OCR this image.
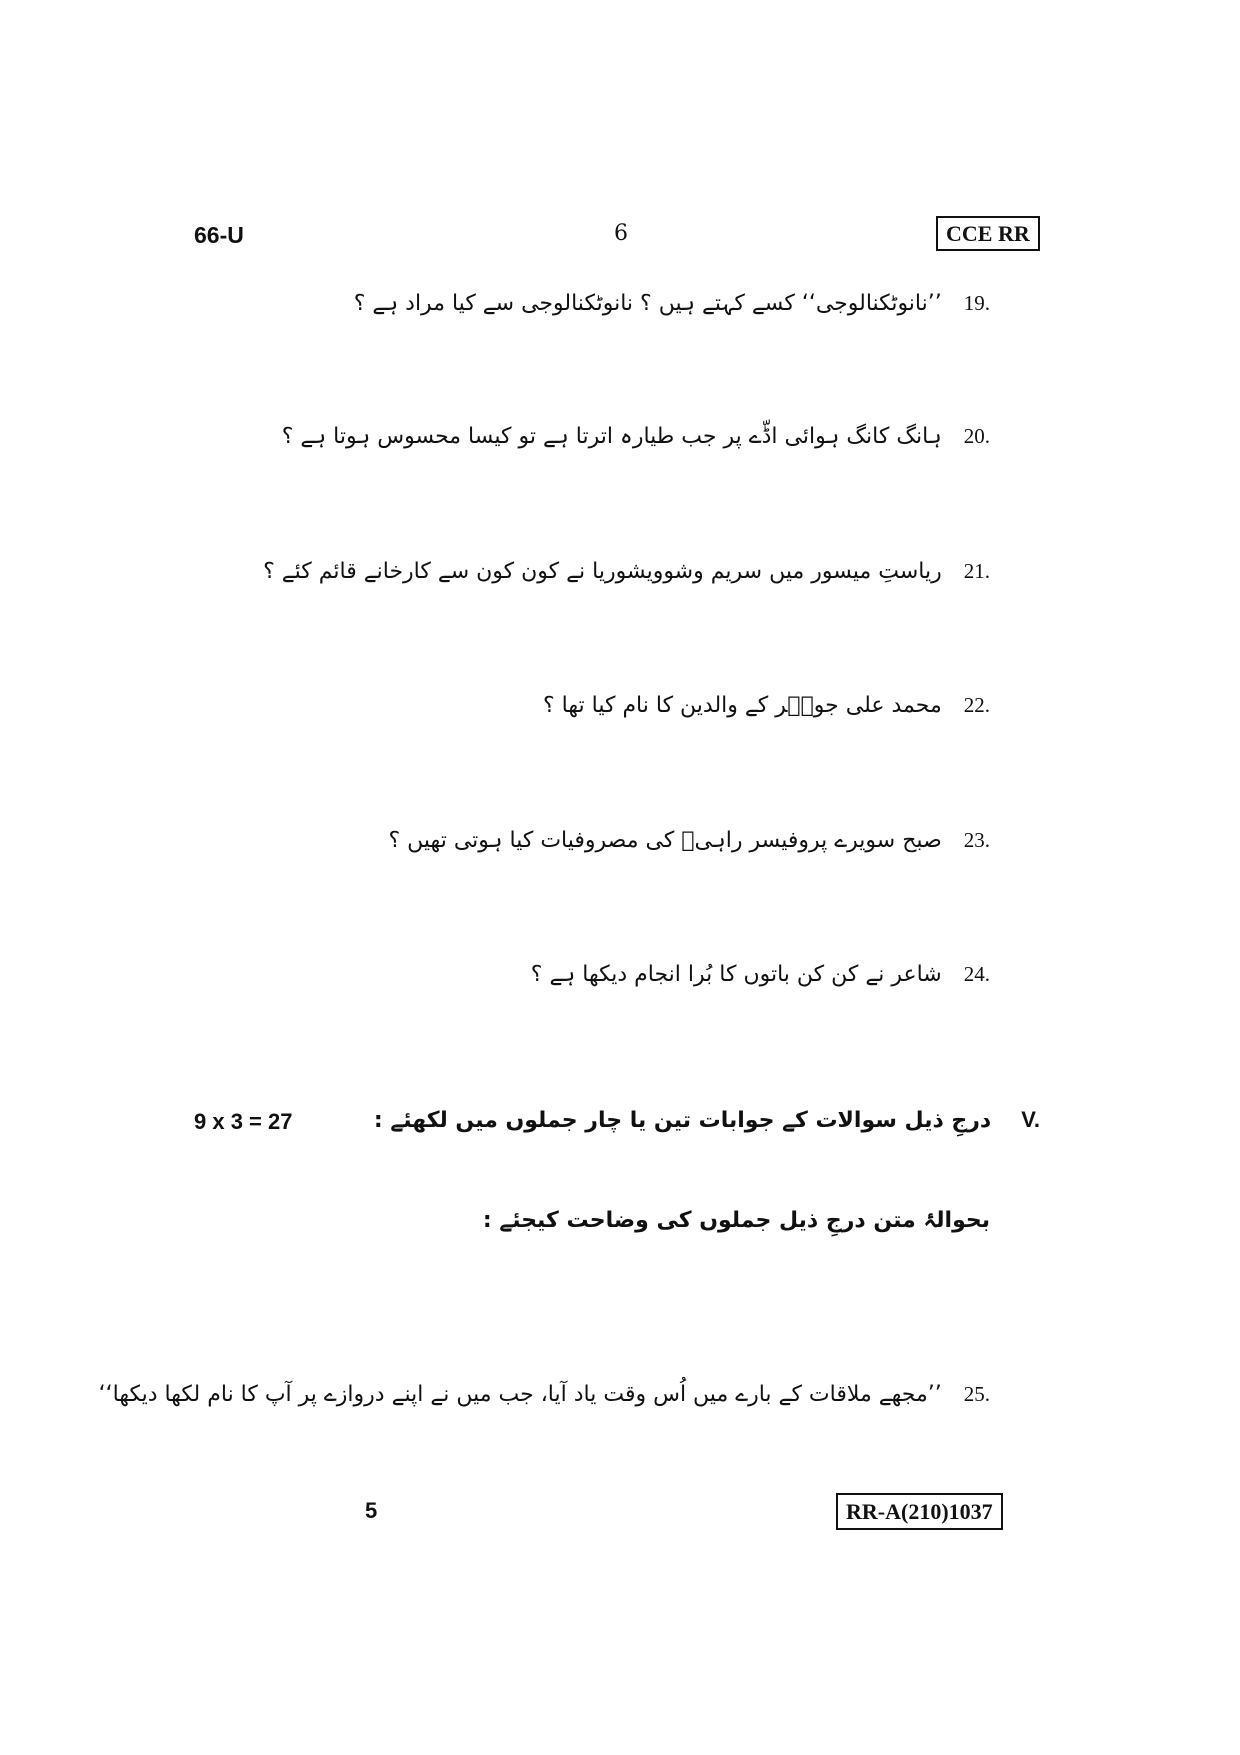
66-U	6	CCE RR
19.’’نانوٹکنالوجی‘‘ کسے کہتے ہیں ؟ نانوٹکنالوجی سے کیا مراد ہے ؟
20.ہانگ کانگ ہوائی اڈّے پر جب طیارہ اترتا ہے تو کیسا محسوس ہوتا ہے ؟
21.ریاستِ میسور میں سریم وشوویشوریا نے کون کون سے کارخانے قائم کئے ؟
22.محمد علی جوہؔر کے والدین کا نام کیا تھا ؟
23.صبح سویرے پروفیسر راہیؔ کی مصروفیات کیا ہوتی تھیں ؟
24.شاعر نے کن کن باتوں کا بُرا انجام دیکھا ہے ؟
9 x 3 = 27	V.درجِ ذیل سوالات کے جوابات تین یا چار جملوں میں لکھئے :
بحوالۂ متن درجِ ذیل جملوں کی وضاحت کیجئے :
25.’’مجھے ملاقات کے بارے میں اُس وقت یاد آیا، جب میں نے اپنے دروازے پر آپ کا نام لکھا دیکھا‘‘
5	RR-A(210)1037
